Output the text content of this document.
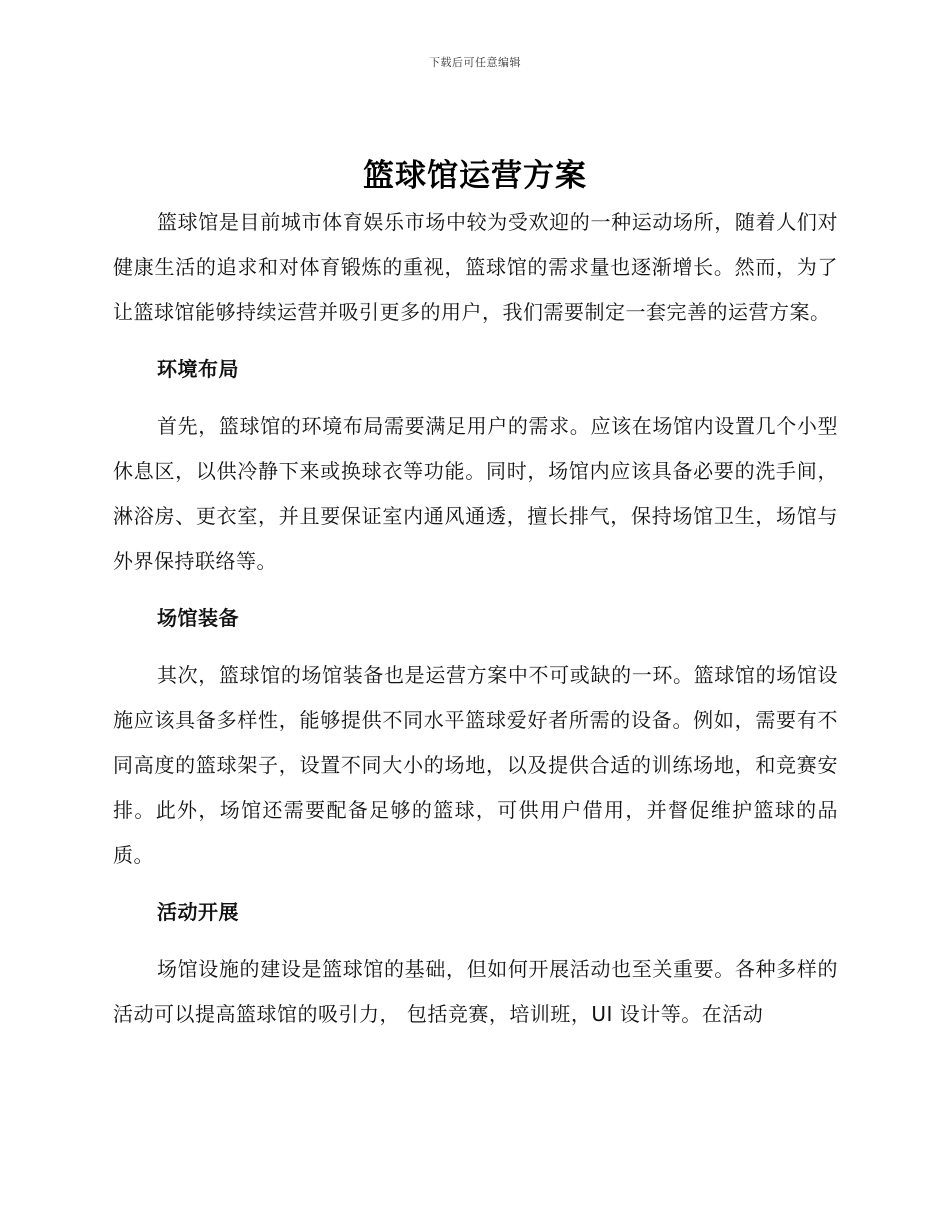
下载后可任意编辑
篮球馆运营方案

篮球馆是目前城市体育娱乐市场中较为受欢迎的一种运动场所，随着人们对健康生活的追求和对体育锻炼的重视，篮球馆的需求量也逐渐增长。然而，为了让篮球馆能够持续运营并吸引更多的用户，我们需要制定一套完善的运营方案。

环境布局

首先，篮球馆的环境布局需要满足用户的需求。应该在场馆内设置几个小型休息区，以供冷静下来或换球衣等功能。同时，场馆内应该具备必要的洗手间，淋浴房、更衣室，并且要保证室内通风通透，擅长排气，保持场馆卫生，场馆与外界保持联络等。

场馆装备

其次，篮球馆的场馆装备也是运营方案中不可或缺的一环。篮球馆的场馆设施应该具备多样性，能够提供不同水平篮球爱好者所需的设备。例如，需要有不同高度的篮球架子，设置不同大小的场地，以及提供合适的训练场地，和竞赛安排。此外，场馆还需要配备足够的篮球，可供用户借用，并督促维护篮球的品质。

活动开展

场馆设施的建设是篮球馆的基础，但如何开展活动也至关重要。各种多样的活动可以提高篮球馆的吸引力， 包括竞赛，培训班，UI 设计等。在活动
